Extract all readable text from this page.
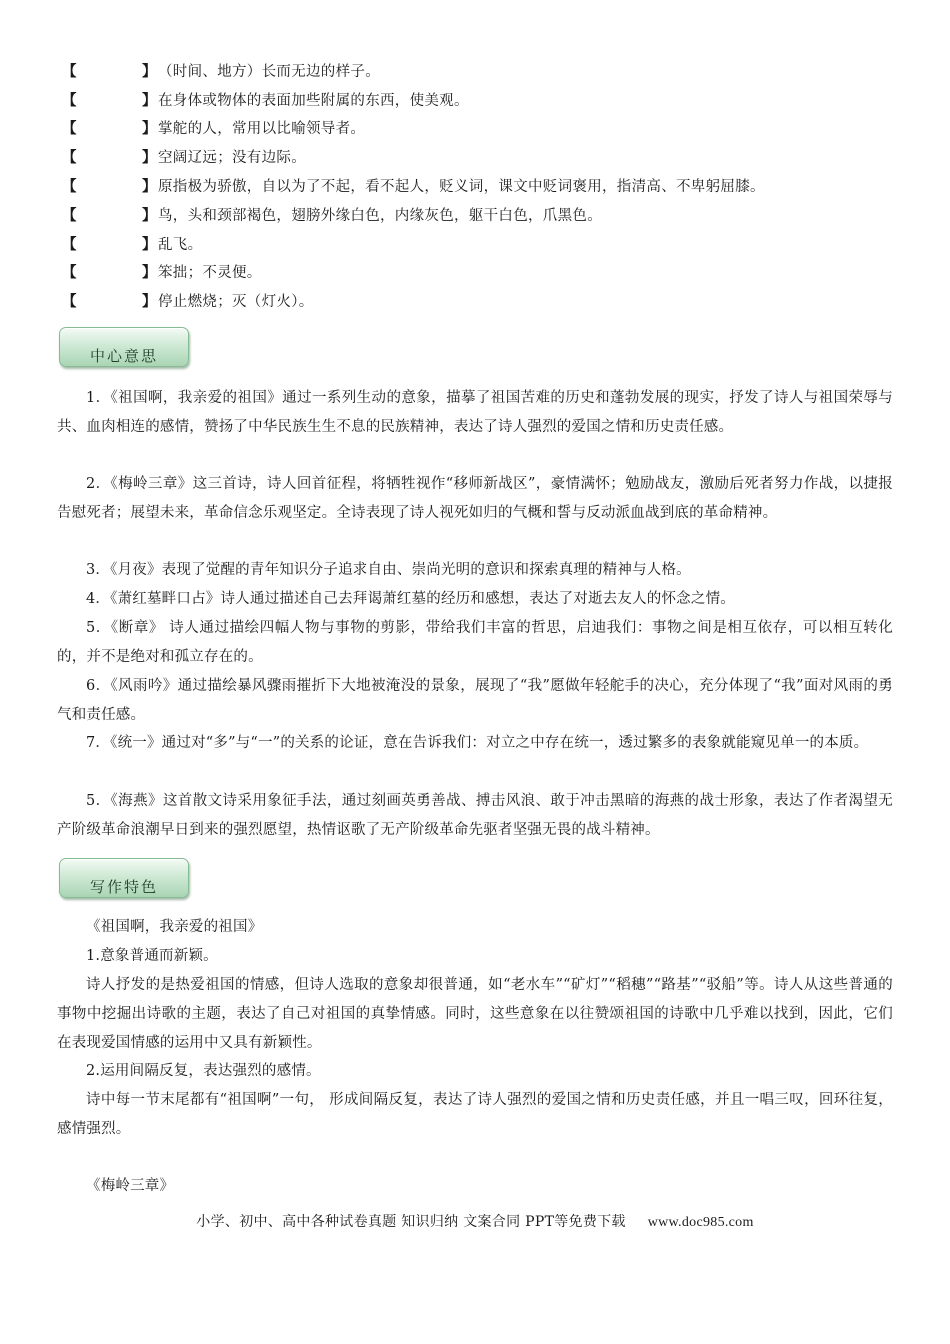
【	】 （时间、地方）长而无边的样子。
【	】 在身体或物体的表面加些附属的东西，使美观。
【	】 掌舵的人，常用以比喻领导者。
【	】 空阔辽远；没有边际。
【	】 原指极为骄傲，自以为了不起，看不起人，贬义词，课文中贬词褒用，指清高、不卑躬屈膝。
【	】 鸟，头和颈部褐色，翅膀外缘白色，内缘灰色，躯干白色，爪黑色。
【	】 乱飞。
【	】 笨拙；不灵便。
【	】 停止燃烧；灭（灯火）。
中心意思

1．《祖国啊，我亲爱的祖国》通过一系列生动的意象，描摹了祖国苦难的历史和蓬勃发展的现实，抒发了诗人与祖国荣辱与共、血肉相连的感情，赞扬了中华民族生生不息的民族精神，表达了诗人强烈的爱国之情和历史责任感。

2．《梅岭三章》这三首诗，诗人回首征程，将牺牲视作“移师新战区”，豪情满怀；勉励战友，激励后死者努力作战，以捷报告慰死者；展望未来，革命信念乐观坚定。全诗表现了诗人视死如归的气概和誓与反动派血战到底的革命精神。

3．《月夜》表现了觉醒的青年知识分子追求自由、崇尚光明的意识和探索真理的精神与人格。

4．《萧红墓畔口占》诗人通过描述自己去拜谒萧红墓的经历和感想，表达了对逝去友人的怀念之情。

5．《断章》 诗人通过描绘四幅人物与事物的剪影，带给我们丰富的哲思，启迪我们：事物之间是相互依存，可以相互转化的，并不是绝对和孤立存在的。

6．《风雨吟》通过描绘暴风骤雨摧折下大地被淹没的景象，展现了“我”愿做年轻舵手的决心，充分体现了“我”面对风雨的勇气和责任感。

7．《统一》通过对“多”与“一”的关系的论证，意在告诉我们：对立之中存在统一，透过繁多的表象就能窥见单一的本质。

5．《海燕》这首散文诗采用象征手法，通过刻画英勇善战、搏击风浪、敢于冲击黑暗的海燕的战士形象，表达了作者渴望无产阶级革命浪潮早日到来的强烈愿望，热情讴歌了无产阶级革命先驱者坚强无畏的战斗精神。

写作特色

《祖国啊，我亲爱的祖国》

1.意象普通而新颖。

诗人抒发的是热爱祖国的情感，但诗人选取的意象却很普通，如“老水车”“矿灯”“稻穗”“路基”“驳船”等。诗人从这些普通的事物中挖掘出诗歌的主题，表达了自己对祖国的真挚情感。同时，这些意象在以往赞颂祖国的诗歌中几乎难以找到，因此，它们在表现爱国情感的运用中又具有新颖性。

2.运用间隔反复，表达强烈的感情。

诗中每一节末尾都有“祖国啊”一句， 形成间隔反复，表达了诗人强烈的爱国之情和历史责任感，并且一唱三叹，回环往复，感情强烈。

《梅岭三章》

小学、初中、高中各种试卷真题 知识归纳 文案合同 PPT等免费下载 www.doc985.com
